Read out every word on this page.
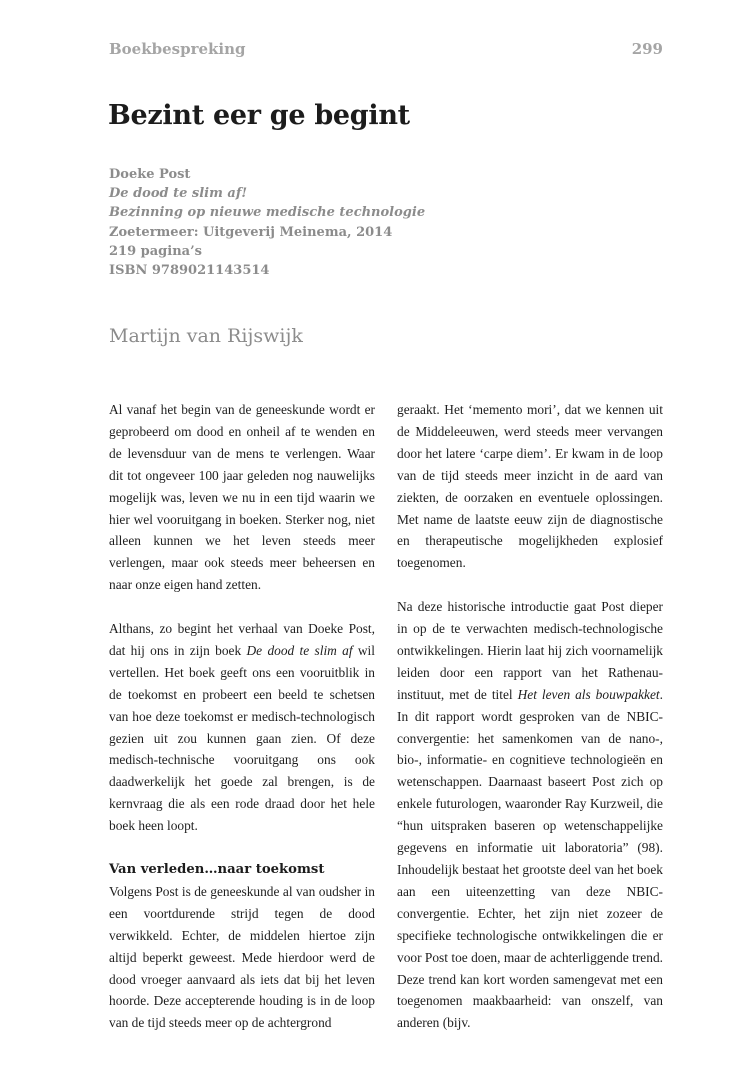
Boekbespreking	299
Bezint eer ge begint
Doeke Post
De dood te slim af!
Bezinning op nieuwe medische technologie
Zoetermeer: Uitgeverij Meinema, 2014
219 pagina’s
ISBN 9789021143514
Martijn van Rijswijk

Al vanaf het begin van de geneeskunde wordt er geprobeerd om dood en onheil af te wenden en de levensduur van de mens te verlengen. Waar dit tot ongeveer 100 jaar geleden nog nauwelijks mogelijk was, leven we nu in een tijd waarin we hier wel vooruitgang in boeken. Sterker nog, niet alleen kunnen we het leven steeds meer verlengen, maar ook steeds meer beheersen en naar onze eigen hand zetten.

Althans, zo begint het verhaal van Doeke Post, dat hij ons in zijn boek De dood te slim af wil vertellen. Het boek geeft ons een vooruitblik in de toekomst en probeert een beeld te schetsen van hoe deze toekomst er medisch-technologisch gezien uit zou kunnen gaan zien. Of deze medisch-technische vooruitgang ons ook daadwerkelijk het goede zal brengen, is de kernvraag die als een rode draad door het hele boek heen loopt.

Van verleden…naar toekomst

Volgens Post is de geneeskunde al van oudsher in een voortdurende strijd tegen de dood verwikkeld. Echter, de middelen hiertoe zijn altijd beperkt geweest. Mede hierdoor werd de dood vroeger aanvaard als iets dat bij het leven hoorde. Deze accepterende houding is in de loop van de tijd steeds meer op de achtergrond

geraakt. Het ‘memento mori’, dat we kennen uit de Middeleeuwen, werd steeds meer vervangen door het latere ‘carpe diem’. Er kwam in de loop van de tijd steeds meer inzicht in de aard van ziekten, de oorzaken en eventuele oplossingen. Met name de laatste eeuw zijn de diagnostische en therapeutische mogelijkheden explosief toegenomen.

Na deze historische introductie gaat Post dieper in op de te verwachten medisch-technologische ontwikkelingen. Hierin laat hij zich voornamelijk leiden door een rapport van het Rathenau-instituut, met de titel Het leven als bouwpakket. In dit rapport wordt gesproken van de NBIC-convergentie: het samenkomen van de nano-, bio-, informatie- en cognitieve technologieën en wetenschappen. Daarnaast baseert Post zich op enkele futurologen, waaronder Ray Kurzweil, die “hun uitspraken baseren op wetenschappelijke gegevens en informatie uit laboratoria” (98). Inhoudelijk bestaat het grootste deel van het boek aan een uiteenzetting van deze NBIC-convergentie. Echter, het zijn niet zozeer de specifieke technologische ontwikkelingen die er voor Post toe doen, maar de achterliggende trend. Deze trend kan kort worden samengevat met een toegenomen maakbaarheid: van onszelf, van anderen (bijv.
